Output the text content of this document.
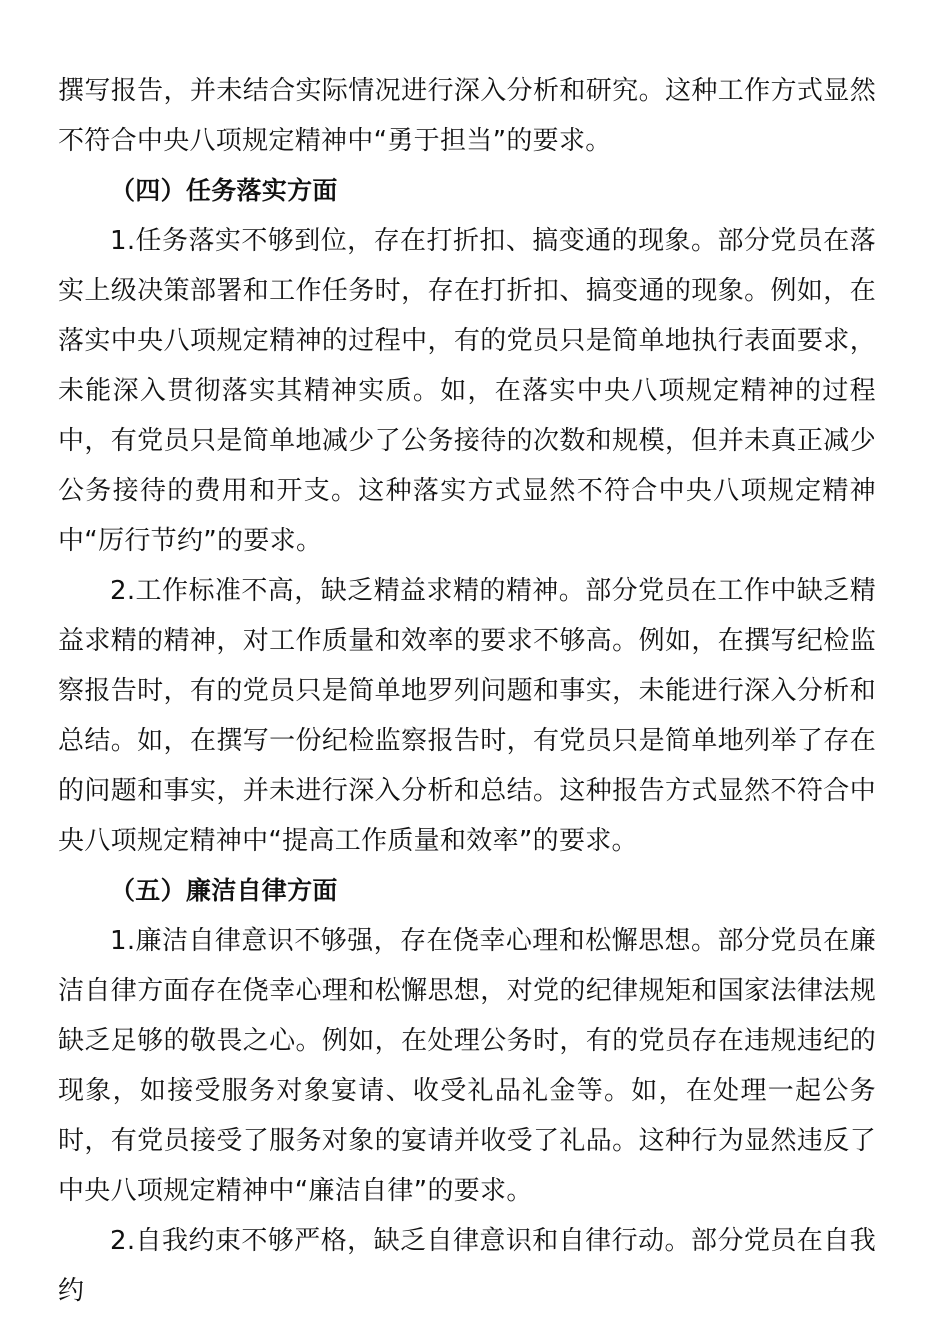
撰写报告，并未结合实际情况进行深入分析和研究。这种工作方式显然不符合中央八项规定精神中“勇于担当”的要求。

（四）任务落实方面

1.任务落实不够到位，存在打折扣、搞变通的现象。部分党员在落实上级决策部署和工作任务时，存在打折扣、搞变通的现象。例如，在落实中央八项规定精神的过程中，有的党员只是简单地执行表面要求，未能深入贯彻落实其精神实质。如，在落实中央八项规定精神的过程中，有党员只是简单地减少了公务接待的次数和规模，但并未真正减少公务接待的费用和开支。这种落实方式显然不符合中央八项规定精神中“厉行节约”的要求。

2.工作标准不高，缺乏精益求精的精神。部分党员在工作中缺乏精益求精的精神，对工作质量和效率的要求不够高。例如，在撰写纪检监察报告时，有的党员只是简单地罗列问题和事实，未能进行深入分析和总结。如，在撰写一份纪检监察报告时，有党员只是简单地列举了存在的问题和事实，并未进行深入分析和总结。这种报告方式显然不符合中央八项规定精神中“提高工作质量和效率”的要求。

（五）廉洁自律方面

1.廉洁自律意识不够强，存在侥幸心理和松懈思想。部分党员在廉洁自律方面存在侥幸心理和松懈思想，对党的纪律规矩和国家法律法规缺乏足够的敬畏之心。例如，在处理公务时，有的党员存在违规违纪的现象，如接受服务对象宴请、收受礼品礼金等。如，在处理一起公务时，有党员接受了服务对象的宴请并收受了礼品。这种行为显然违反了中央八项规定精神中“廉洁自律”的要求。

2.自我约束不够严格，缺乏自律意识和自律行动。部分党员在自我约
